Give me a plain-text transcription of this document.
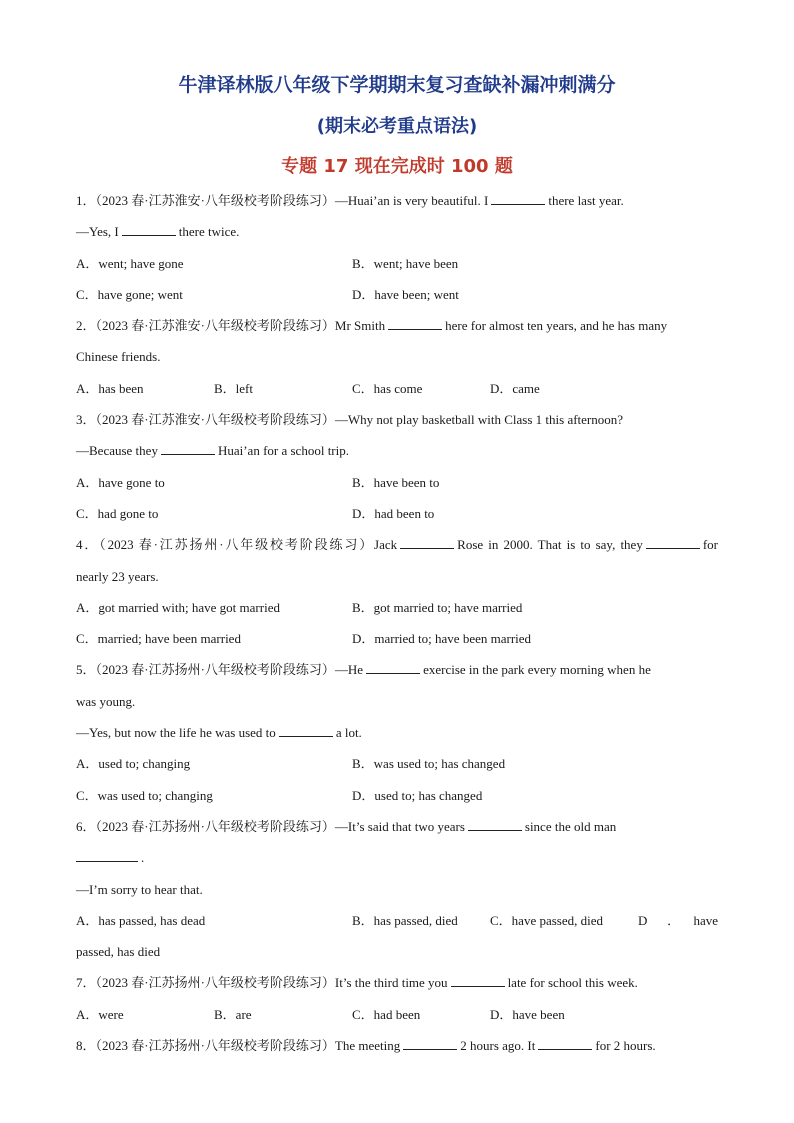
牛津译林版八年级下学期期末复习查缺补漏冲刺满分
(期末必考重点语法)
专题 17 现在完成时 100 题
1．（2023 春·江苏淮安·八年级校考阶段练习）—Huai’an is very beautiful. I	there last year.
—Yes, I	there twice.
A．went; have gone	B．went; have been
C．have gone; went	D．have been; went
2．（2023 春·江苏淮安·八年级校考阶段练习）Mr Smith	here for almost ten years, and he has many
Chinese friends.
A．has been	B．left	C．has come	D．came
3．（2023 春·江苏淮安·八年级校考阶段练习）—Why not play basketball with Class 1 this afternoon?
—Because they	Huai’an for a school trip.
A．have gone to	B．have been to
C．had gone to	D．had been to
4．（2023 春·江苏扬州·八年级校考阶段练习）Jack	Rose in 2000. That is to say, they	for
nearly 23 years.
A．got married with; have got married	B．got married to; have married
C．married; have been married	D．married to; have been married
5．（2023 春·江苏扬州·八年级校考阶段练习）—He	exercise in the park every morning when he
was young.
—Yes, but now the life he was used to	a lot.
A．used to; changing	B．was used to; has changed
C．was used to; changing	D．used to; has changed
6．（2023 春·江苏扬州·八年级校考阶段练习）—It’s said that two years	since the old man
.
—I’m sorry to hear that.
A．has passed, has dead	B．has passed, died	C．have passed, died	D　．　have
passed, has died
7．（2023 春·江苏扬州·八年级校考阶段练习）It’s the third time you	late for school this week.
A．were	B．are	C．had been	D．have been
8．（2023 春·江苏扬州·八年级校考阶段练习）The meeting	2 hours ago. It	for 2 hours.
